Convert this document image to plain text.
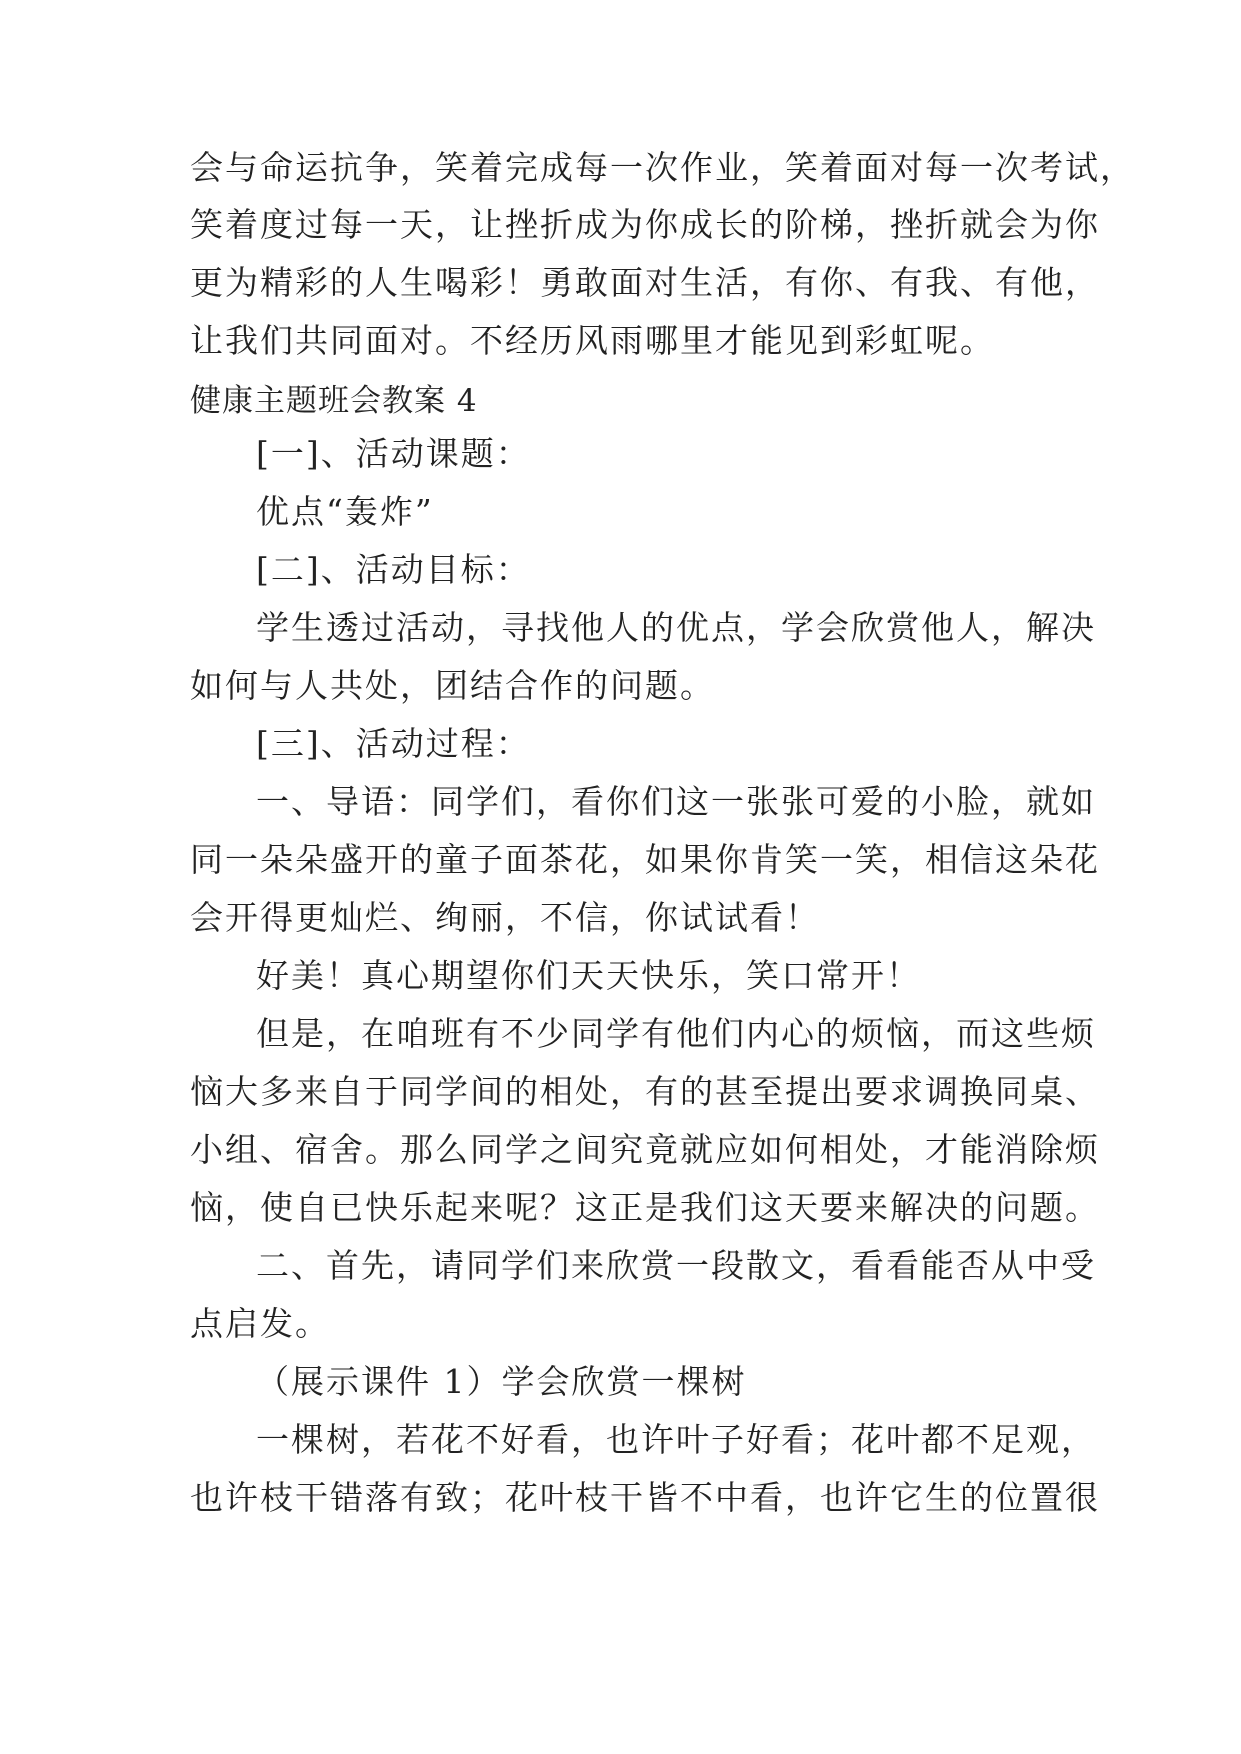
会与命运抗争，笑着完成每一次作业，笑着面对每一次考试，
笑着度过每一天，让挫折成为你成长的阶梯，挫折就会为你
更为精彩的人生喝彩！勇敢面对生活，有你、有我、有他，
让我们共同面对。不经历风雨哪里才能见到彩虹呢。
健康主题班会教案 4
[一]、活动课题：
优点“轰炸”
[二]、活动目标：
学生透过活动，寻找他人的优点，学会欣赏他人，解决
如何与人共处，团结合作的问题。
[三]、活动过程：
一、导语：同学们，看你们这一张张可爱的小脸，就如
同一朵朵盛开的童子面茶花，如果你肯笑一笑，相信这朵花
会开得更灿烂、绚丽，不信，你试试看！
好美！真心期望你们天天快乐，笑口常开！
但是，在咱班有不少同学有他们内心的烦恼，而这些烦
恼大多来自于同学间的相处，有的甚至提出要求调换同桌、
小组、宿舍。那么同学之间究竟就应如何相处，才能消除烦
恼，使自已快乐起来呢？这正是我们这天要来解决的问题。
二、首先，请同学们来欣赏一段散文，看看能否从中受
点启发。
（展示课件 1）学会欣赏一棵树
一棵树，若花不好看，也许叶子好看；花叶都不足观，
也许枝干错落有致；花叶枝干皆不中看，也许它生的位置很
